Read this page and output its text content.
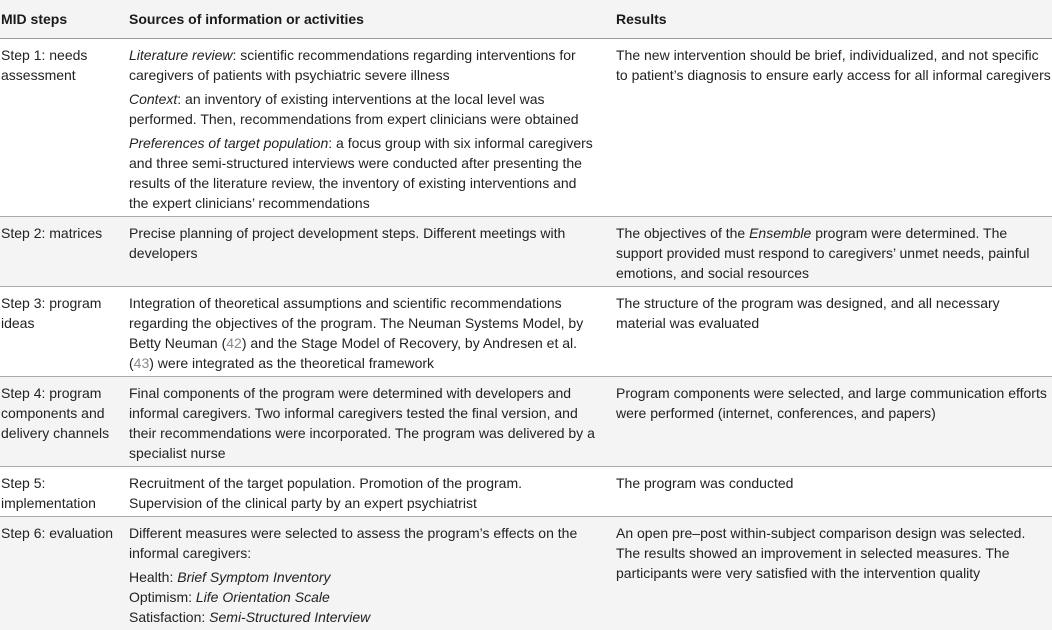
MID steps	Sources of information or activities	Results
Step 1: needs assessment	Literature review: scientific recommendations regarding interventions for caregivers of patients with psychiatric severe illness

Context: an inventory of existing interventions at the local level was performed. Then, recommendations from expert clinicians were obtained

Preferences of target population: a focus group with six informal caregivers and three semi-structured interviews were conducted after presenting the results of the literature review, the inventory of existing interventions and the expert clinicians’ recommendations	The new intervention should be brief, individualized, and not specific to patient’s diagnosis to ensure early access for all informal caregivers
Step 2: matrices	Precise planning of project development steps. Different meetings with developers	The objectives of the Ensemble program were determined. The support provided must respond to caregivers’ unmet needs, painful emotions, and social resources
Step 3: program ideas	Integration of theoretical assumptions and scientific recommendations regarding the objectives of the program. The Neuman Systems Model, by Betty Neuman (42) and the Stage Model of Recovery, by Andresen et al. (43) were integrated as the theoretical framework	The structure of the program was designed, and all necessary material was evaluated
Step 4: program components and delivery channels	Final components of the program were determined with developers and informal caregivers. Two informal caregivers tested the final version, and their recommendations were incorporated. The program was delivered by a specialist nurse	Program components were selected, and large communication efforts were performed (internet, conferences, and papers)
Step 5: implementation	Recruitment of the target population. Promotion of the program. Supervision of the clinical party by an expert psychiatrist	The program was conducted
Step 6: evaluation	Different measures were selected to assess the program’s effects on the informal caregivers:

Health: Brief Symptom Inventory

Optimism: Life Orientation Scale

Satisfaction: Semi-Structured Interview	An open pre–post within-subject comparison design was selected. The results showed an improvement in selected measures. The participants were very satisfied with the intervention quality
